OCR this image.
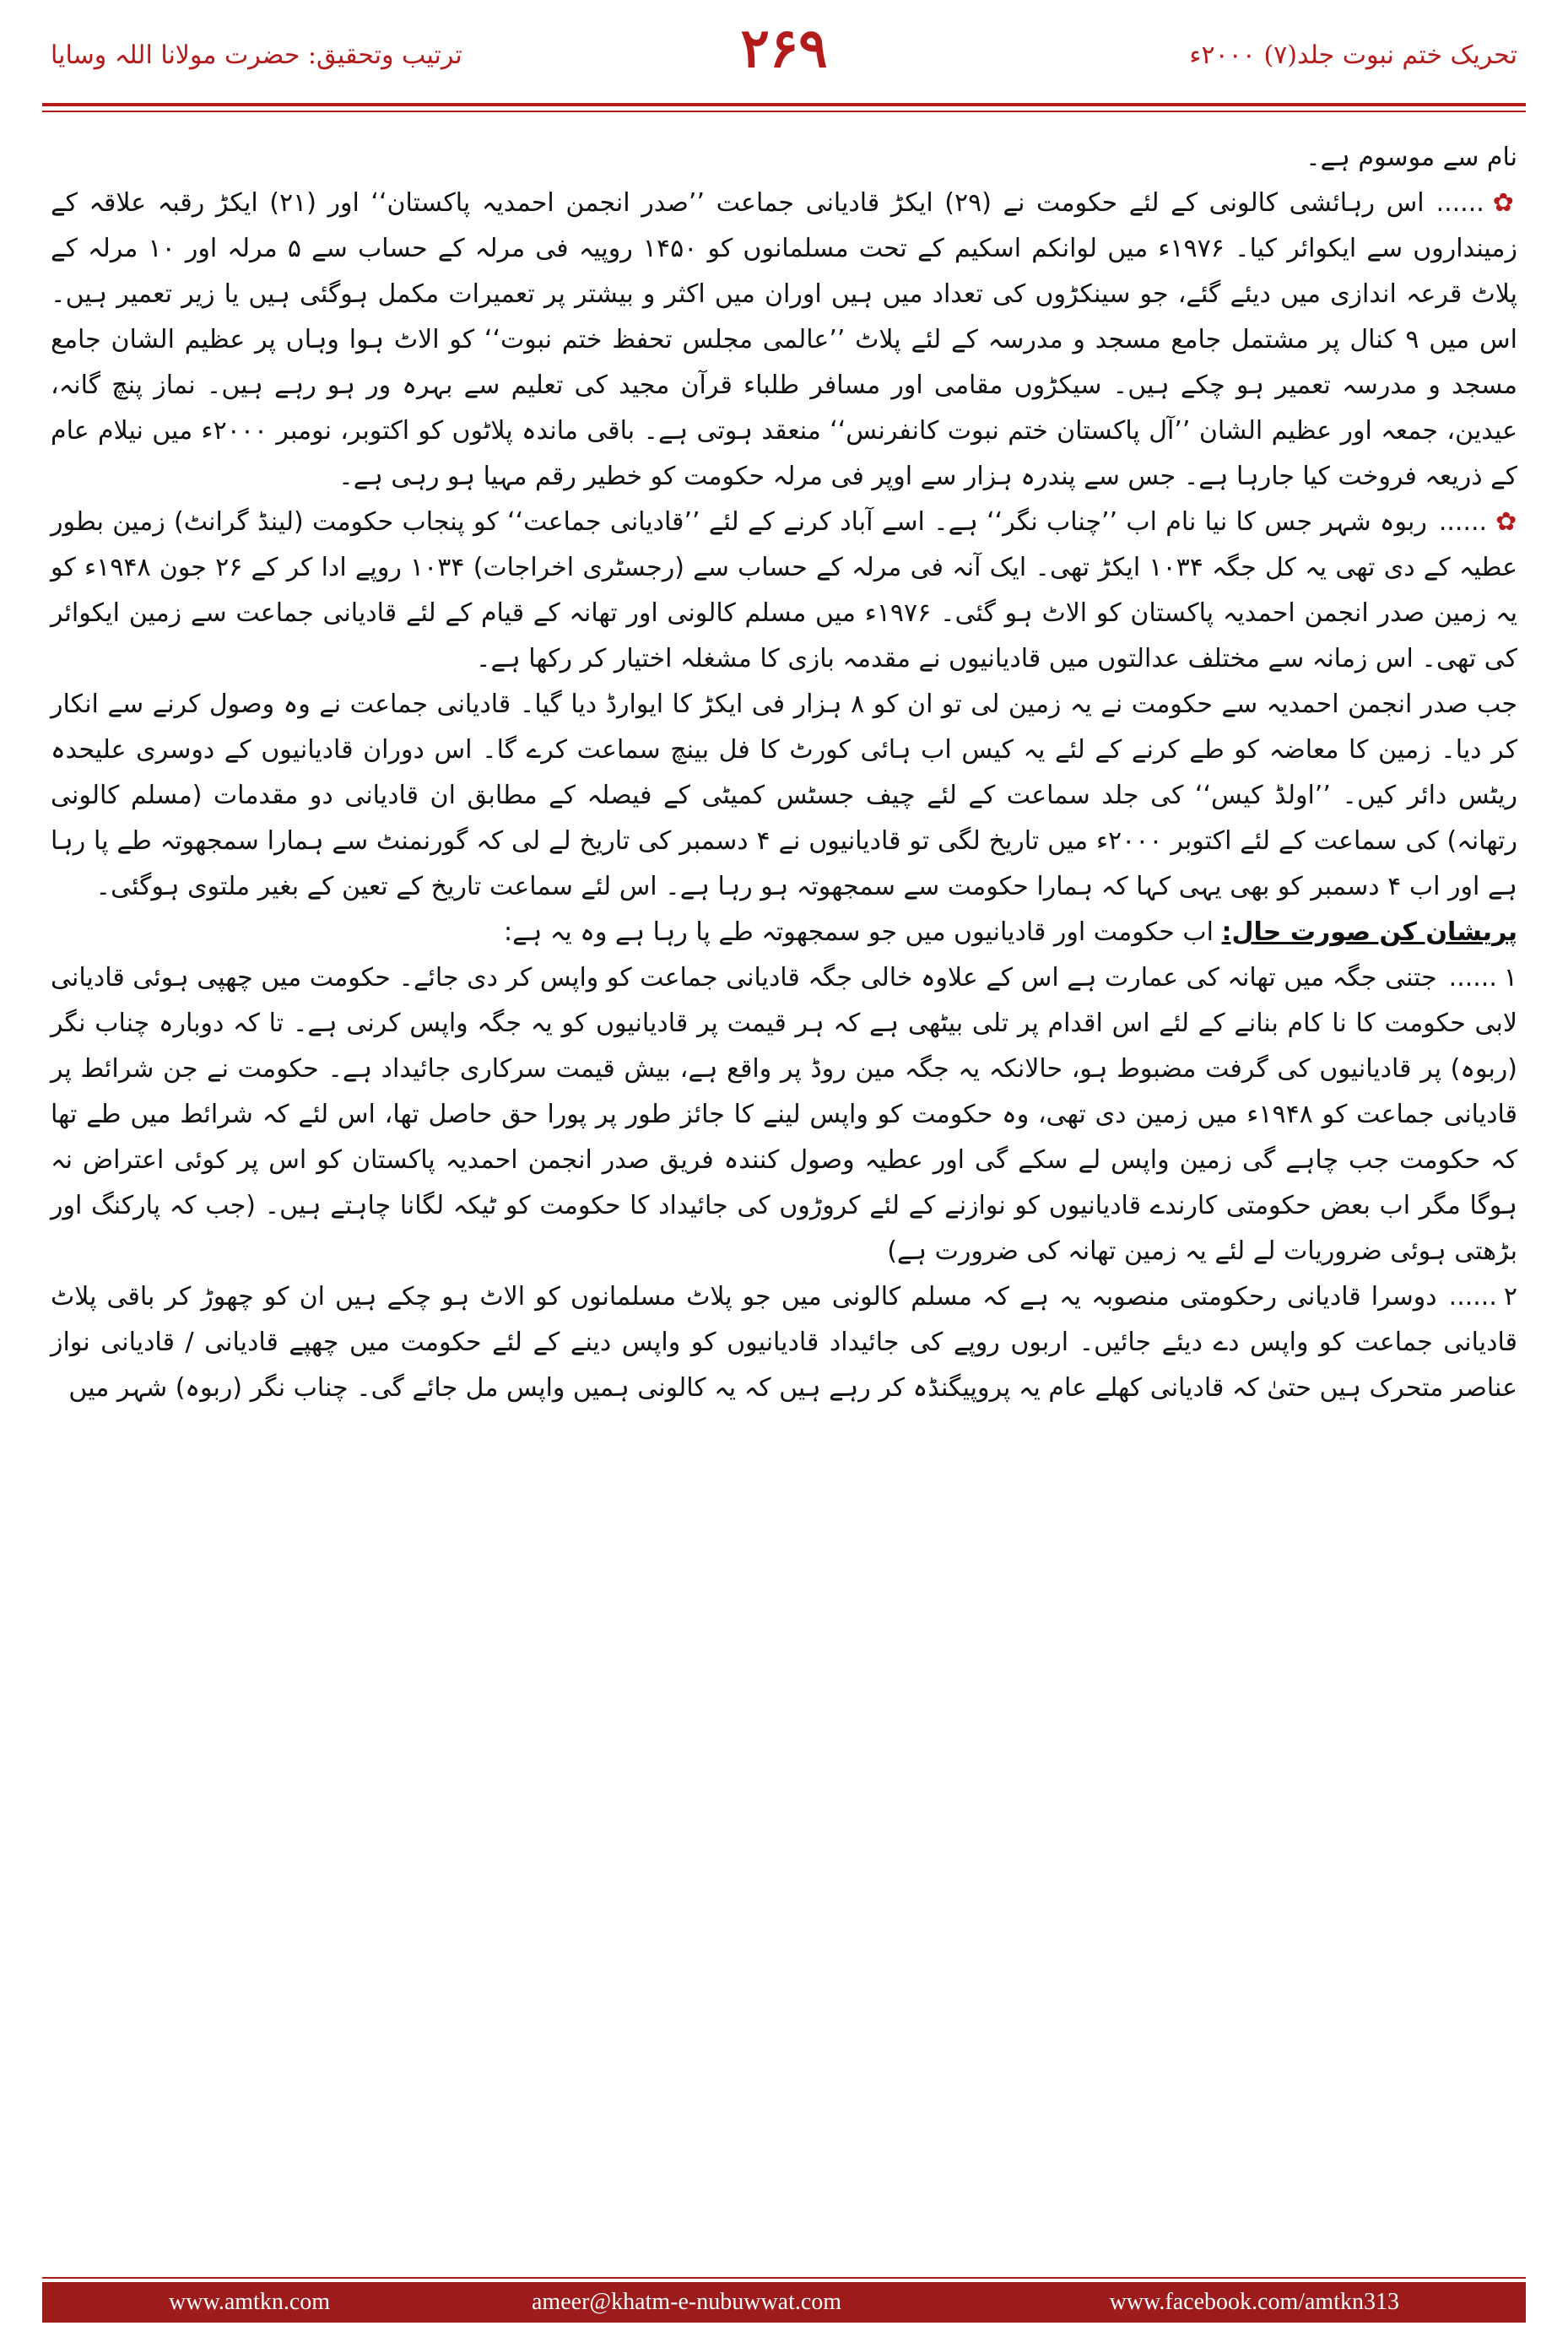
تحریک ختم نبوت جلد(۷) ۲۰۰۰ء
۲۶۹
ترتیب وتحقیق: حضرت مولانا اللہ وسایا

نام سے موسوم ہے۔

✿......اس رہائشی کالونی کے لئے حکومت نے (۲۹) ایکڑ قادیانی جماعت ’’صدر انجمن احمدیہ پاکستان‘‘ اور (۲۱) ایکڑ رقبہ علاقہ کے زمینداروں سے ایکوائر کیا۔ ۱۹۷۶ء میں لوانکم اسکیم کے تحت مسلمانوں کو ۱۴۵۰ روپیہ فی مرلہ کے حساب سے ۵ مرلہ اور ۱۰ مرلہ کے پلاٹ قرعہ اندازی میں دیئے گئے، جو سینکڑوں کی تعداد میں ہیں اوران میں اکثر و بیشتر پر تعمیرات مکمل ہوگئی ہیں یا زیر تعمیر ہیں۔ اس میں ۹ کنال پر مشتمل جامع مسجد و مدرسہ کے لئے پلاٹ ’’عالمی مجلس تحفظ ختم نبوت‘‘ کو الاٹ ہوا وہاں پر عظیم الشان جامع مسجد و مدرسہ تعمیر ہو چکے ہیں۔ سیکڑوں مقامی اور مسافر طلباء قرآن مجید کی تعلیم سے بہرہ ور ہو رہے ہیں۔ نماز پنچ گانہ، عیدین، جمعہ اور عظیم الشان ’’آل پاکستان ختم نبوت کانفرنس‘‘ منعقد ہوتی ہے۔ باقی ماندہ پلاٹوں کو اکتوبر، نومبر ۲۰۰۰ء میں نیلام عام کے ذریعہ فروخت کیا جارہا ہے۔ جس سے پندرہ ہزار سے اوپر فی مرلہ حکومت کو خطیر رقم مہیا ہو رہی ہے۔

✿......ربوہ شہر جس کا نیا نام اب ’’چناب نگر‘‘ ہے۔ اسے آباد کرنے کے لئے ’’قادیانی جماعت‘‘ کو پنجاب حکومت (لینڈ گرانٹ) زمین بطور عطیہ کے دی تھی یہ کل جگہ ۱۰۳۴ ایکڑ تھی۔ ایک آنہ فی مرلہ کے حساب سے (رجسٹری اخراجات) ۱۰۳۴ روپے ادا کر کے ۲۶ جون ۱۹۴۸ء کو یہ زمین صدر انجمن احمدیہ پاکستان کو الاٹ ہو گئی۔ ۱۹۷۶ء میں مسلم کالونی اور تھانہ کے قیام کے لئے قادیانی جماعت سے زمین ایکوائر کی تھی۔ اس زمانہ سے مختلف عدالتوں میں قادیانیوں نے مقدمہ بازی کا مشغلہ اختیار کر رکھا ہے۔

جب صدر انجمن احمدیہ سے حکومت نے یہ زمین لی تو ان کو ۸ ہزار فی ایکڑ کا ایوارڈ دیا گیا۔ قادیانی جماعت نے وہ وصول کرنے سے انکار کر دیا۔ زمین کا معاضہ کو طے کرنے کے لئے یہ کیس اب ہائی کورٹ کا فل بینچ سماعت کرے گا۔ اس دوران قادیانیوں کے دوسری علیحدہ ریٹس دائر کیں۔ ’’اولڈ کیس‘‘ کی جلد سماعت کے لئے چیف جسٹس کمیٹی کے فیصلہ کے مطابق ان قادیانی دو مقدمات (مسلم کالونی رتھانہ) کی سماعت کے لئے اکتوبر ۲۰۰۰ء میں تاریخ لگی تو قادیانیوں نے ۴ دسمبر کی تاریخ لے لی کہ گورنمنٹ سے ہمارا سمجھوتہ طے پا رہا ہے اور اب ۴ دسمبر کو بھی یہی کہا کہ ہمارا حکومت سے سمجھوتہ ہو رہا ہے۔ اس لئے سماعت تاریخ کے تعین کے بغیر ملتوی ہوگئی۔

پریشان کن صورت حال: اب حکومت اور قادیانیوں میں جو سمجھوتہ طے پا رہا ہے وہ یہ ہے:

۱......جتنی جگہ میں تھانہ کی عمارت ہے اس کے علاوہ خالی جگہ قادیانی جماعت کو واپس کر دی جائے۔ حکومت میں چھپی ہوئی قادیانی لابی حکومت کا نا کام بنانے کے لئے اس اقدام پر تلی بیٹھی ہے کہ ہر قیمت پر قادیانیوں کو یہ جگہ واپس کرنی ہے۔ تا کہ دوبارہ چناب نگر (ربوہ) پر قادیانیوں کی گرفت مضبوط ہو، حالانکہ یہ جگہ مین روڈ پر واقع ہے، بیش قیمت سرکاری جائیداد ہے۔ حکومت نے جن شرائط پر قادیانی جماعت کو ۱۹۴۸ء میں زمین دی تھی، وہ حکومت کو واپس لینے کا جائز طور پر پورا حق حاصل تھا، اس لئے کہ شرائط میں طے تھا کہ حکومت جب چاہے گی زمین واپس لے سکے گی اور عطیہ وصول کنندہ فریق صدر انجمن احمدیہ پاکستان کو اس پر کوئی اعتراض نہ ہوگا مگر اب بعض حکومتی کارندے قادیانیوں کو نوازنے کے لئے کروڑوں کی جائیداد کا حکومت کو ٹیکہ لگانا چاہتے ہیں۔ (جب کہ پارکنگ اور بڑھتی ہوئی ضروریات لے لئے یہ زمین تھانہ کی ضرورت ہے)

۲......دوسرا قادیانی رحکومتی منصوبہ یہ ہے کہ مسلم کالونی میں جو پلاٹ مسلمانوں کو الاٹ ہو چکے ہیں ان کو چھوڑ کر باقی پلاٹ قادیانی جماعت کو واپس دے دیئے جائیں۔ اربوں روپے کی جائیداد قادیانیوں کو واپس دینے کے لئے حکومت میں چھپے قادیانی / قادیانی نواز عناصر متحرک ہیں حتیٰ کہ قادیانی کھلے عام یہ پروپیگنڈہ کر رہے ہیں کہ یہ کالونی ہمیں واپس مل جائے گی۔ چناب نگر (ربوہ) شہر میں

www.amtkn.com	ameer@khatm-e-nubuwwat.com	www.facebook.com/amtkn313
